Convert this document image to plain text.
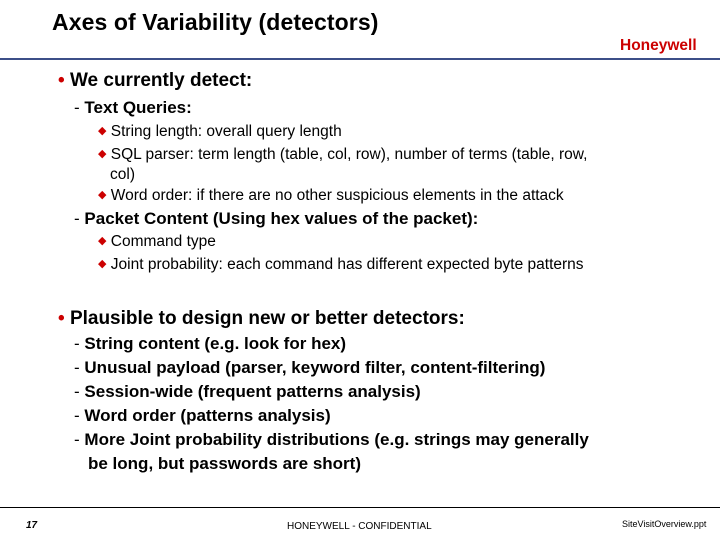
Axes of Variability (detectors)
Honeywell
• We currently detect:
- Text Queries:
◆ String length: overall query length
◆ SQL parser: term length (table, col, row), number of terms (table, row,
col)
◆ Word order: if there are no other suspicious elements in the attack
- Packet Content (Using hex values of the packet):
◆ Command type
◆ Joint probability: each command has different expected byte patterns
• Plausible to design new or better detectors:
- String content (e.g. look for hex)
- Unusual payload (parser, keyword filter, content-filtering)
- Session-wide (frequent patterns analysis)
- Word order (patterns analysis)
- More Joint probability distributions (e.g. strings may generally
be long, but passwords are short)
17	HONEYWELL - CONFIDENTIAL	SiteVisitOverview.ppt
